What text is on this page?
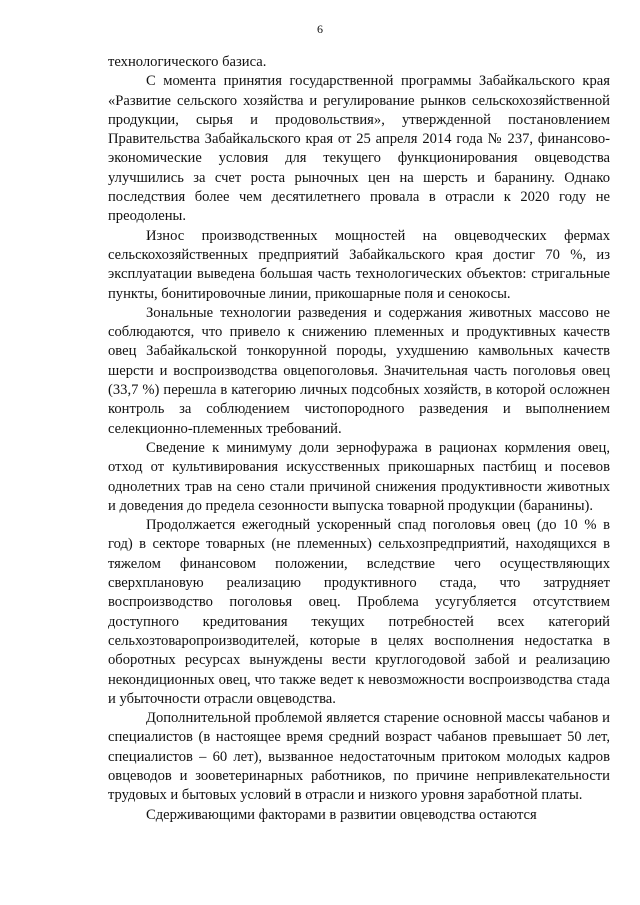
6

технологического базиса.

С момента принятия государственной программы Забайкальского края «Развитие сельского хозяйства и регулирование рынков сельскохозяйственной продукции, сырья и продовольствия», утвержденной постановлением Правительства Забайкальского края от 25 апреля 2014 года № 237, финансово-экономические условия для текущего функционирования овцеводства улучшились за счет роста рыночных цен на шерсть и баранину. Однако последствия более чем десятилетнего провала в отрасли к 2020 году не преодолены.

Износ производственных мощностей на овцеводческих фермах сельскохозяйственных предприятий Забайкальского края достиг 70 %, из эксплуатации выведена большая часть технологических объектов: стригальные пункты, бонитировочные линии, прикошарные поля и сенокосы.

Зональные технологии разведения и содержания животных массово не соблюдаются, что привело к снижению племенных и продуктивных качеств овец Забайкальской тонкорунной породы, ухудшению камвольных качеств шерсти и воспроизводства овцепоголовья. Значительная часть поголовья овец (33,7 %) перешла в категорию личных подсобных хозяйств, в которой осложнен контроль за соблюдением чистопородного разведения и выполнением селекционно-племенных требований.

Сведение к минимуму доли зернофуража в рационах кормления овец, отход от культивирования искусственных прикошарных пастбищ и посевов однолетних трав на сено стали причиной снижения продуктивности животных и доведения до предела сезонности выпуска товарной продукции (баранины).

Продолжается ежегодный ускоренный спад поголовья овец (до 10 % в год) в секторе товарных (не племенных) сельхозпредприятий, находящихся в тяжелом финансовом положении, вследствие чего осуществляющих сверхплановую реализацию продуктивного стада, что затрудняет воспроизводство поголовья овец. Проблема усугубляется отсутствием доступного кредитования текущих потребностей всех категорий сельхозтоваропроизводителей, которые в целях восполнения недостатка в оборотных ресурсах вынуждены вести круглогодовой забой и реализацию некондиционных овец, что также ведет к невозможности воспроизводства стада и убыточности отрасли овцеводства.

Дополнительной проблемой является старение основной массы чабанов и специалистов (в настоящее время средний возраст чабанов превышает 50 лет, специалистов – 60 лет), вызванное недостаточным притоком молодых кадров овцеводов и зооветеринарных работников, по причине непривлекательности трудовых и бытовых условий в отрасли и низкого уровня заработной платы.

Сдерживающими факторами в развитии овцеводства остаются
